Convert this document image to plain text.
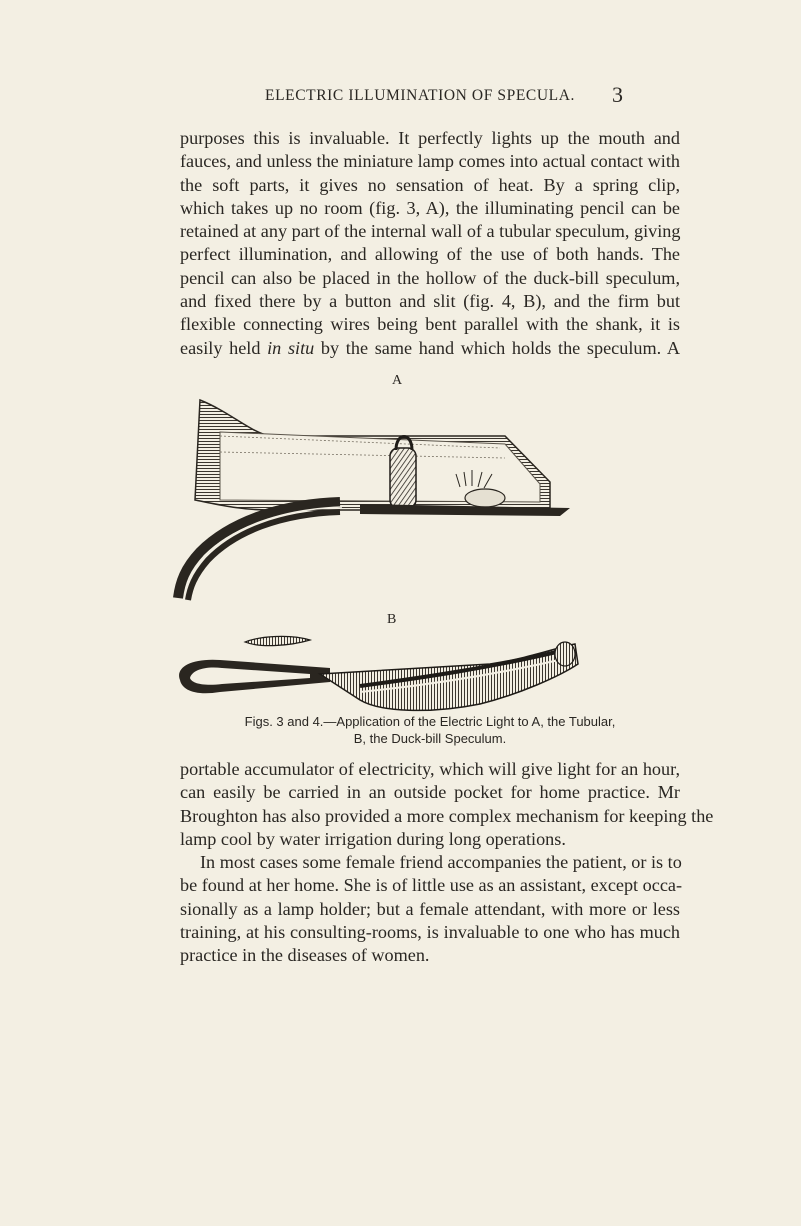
ELECTRIC ILLUMINATION OF SPECULA.	3

purposes this is invaluable. It perfectly lights up the mouth and
fauces, and unless the miniature lamp comes into actual contact with
the soft parts, it gives no sensation of heat. By a spring clip,
which takes up no room (fig. 3, A), the illuminating pencil can be
retained at any part of the internal wall of a tubular speculum, giving
perfect illumination, and allowing of the use of both hands. The
pencil can also be placed in the hollow of the duck-bill speculum,
and fixed there by a button and slit (fig. 4, B), and the firm but
flexible connecting wires being bent parallel with the shank, it is
easily held in situ by the same hand which holds the speculum. A

A
B
Figs. 3 and 4.—Application of the Electric Light to A, the Tubular,
B, the Duck-bill Speculum.

portable accumulator of electricity, which will give light for an hour,
can easily be carried in an outside pocket for home practice. Mr
Broughton has also provided a more complex mechanism for keeping the
lamp cool by water irrigation during long operations.
In most cases some female friend accompanies the patient, or is to
be found at her home. She is of little use as an assistant, except occa-
sionally as a lamp holder; but a female attendant, with more or less
training, at his consulting-rooms, is invaluable to one who has much
practice in the diseases of women.
